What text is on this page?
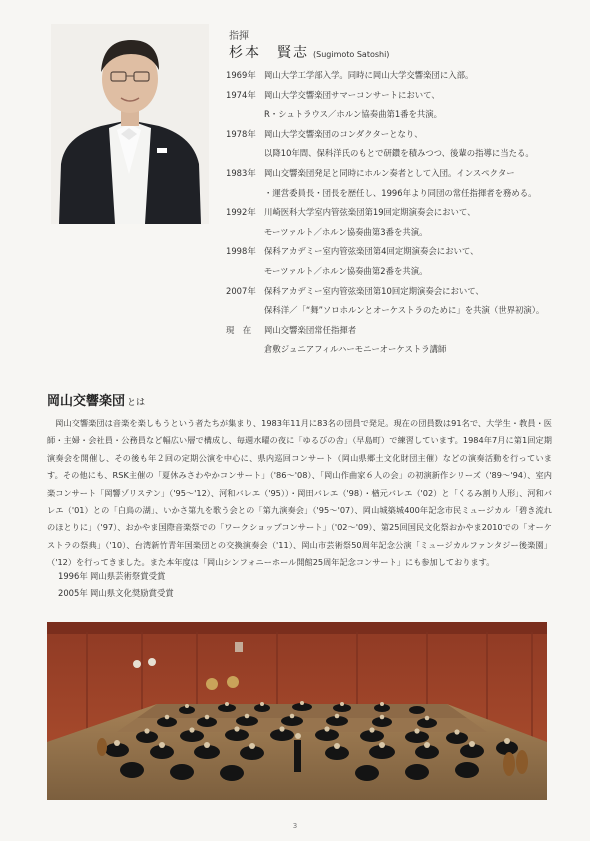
指揮
杉本　賢志 (Sugimoto Satoshi)
1969年 岡山大学工学部入学。同時に岡山大学交響楽団に入部。
1974年 岡山大学交響楽団サマーコンサートにおいて、
R・シュトラウス／ホルン協奏曲第1番を共演。
1978年 岡山大学交響楽団のコンダクターとなり、
以降10年間、保科洋氏のもとで研鑽を積みつつ、後輩の指導に当たる。
1983年 岡山交響楽団発足と同時にホルン奏者として入団。インスペクター
・運営委員長・団長を歴任し、1996年より同団の常任指揮者を務める。
1992年 川崎医科大学室内管弦楽団第19回定期演奏会において、
モーツァルト／ホルン協奏曲第3番を共演。
1998年 保科アカデミー室内管弦楽団第4回定期演奏会において、
モーツァルト／ホルン協奏曲第2番を共演。
2007年 保科アカデミー室内管弦楽団第10回定期演奏会において、
保科洋／「“舞”ソロホルンとオーケストラのために」を共演（世界初演）。
現　在	岡山交響楽団常任指揮者
倉敷ジュニアフィルハーモニーオーケストラ講師
岡山交響楽団 とは
　岡山交響楽団は音楽を楽しもうという者たちが集まり、1983年11月に83名の団員で発足。現在の団員数は91名で、大学生・教員・医師・主婦・会社員・公務員など幅広い層で構成し、毎週水曜の夜に「ゆるびの舎」（早島町）で練習しています。1984年7月に第1回定期演奏会を開催し、その後も年２回の定期公演を中心に、県内巡回コンサート（岡山県郷土文化財団主催）などの演奏活動を行っています。その他にも、RSK主催の「夏休みさわやかコンサート」（'86〜'08）、「岡山作曲家６人の会」の初演新作シリーズ（'89〜'94）、室内楽コンサート「岡響ゾリステン」（'95〜'12）、河和バレエ（'95））・岡田バレエ（'98）・楢元バレエ（'02）と「くるみ割り人形」、河和バレエ（'01）との「白鳥の湖」、いかさ第九を歌う会との「第九演奏会」（'95〜'07）、岡山城築城400年記念市民ミュージカル「碧き流れのほとりに」（'97）、おかやま国際音楽祭での「ワークショップコンサート」（'02〜'09）、第25回国民文化祭おかやま2010での「オーケストラの祭典」（'10）、台湾新竹青年国楽団との交換演奏会（'11）、岡山市芸術祭50周年記念公演「ミュージカルファンタジー後楽園」（'12）を行ってきました。また本年度は「岡山シンフォニーホール開館25周年記念コンサート」にも参加しております。
1996年 岡山県芸術祭賞受賞
2005年 岡山県文化奨励賞受賞
3
